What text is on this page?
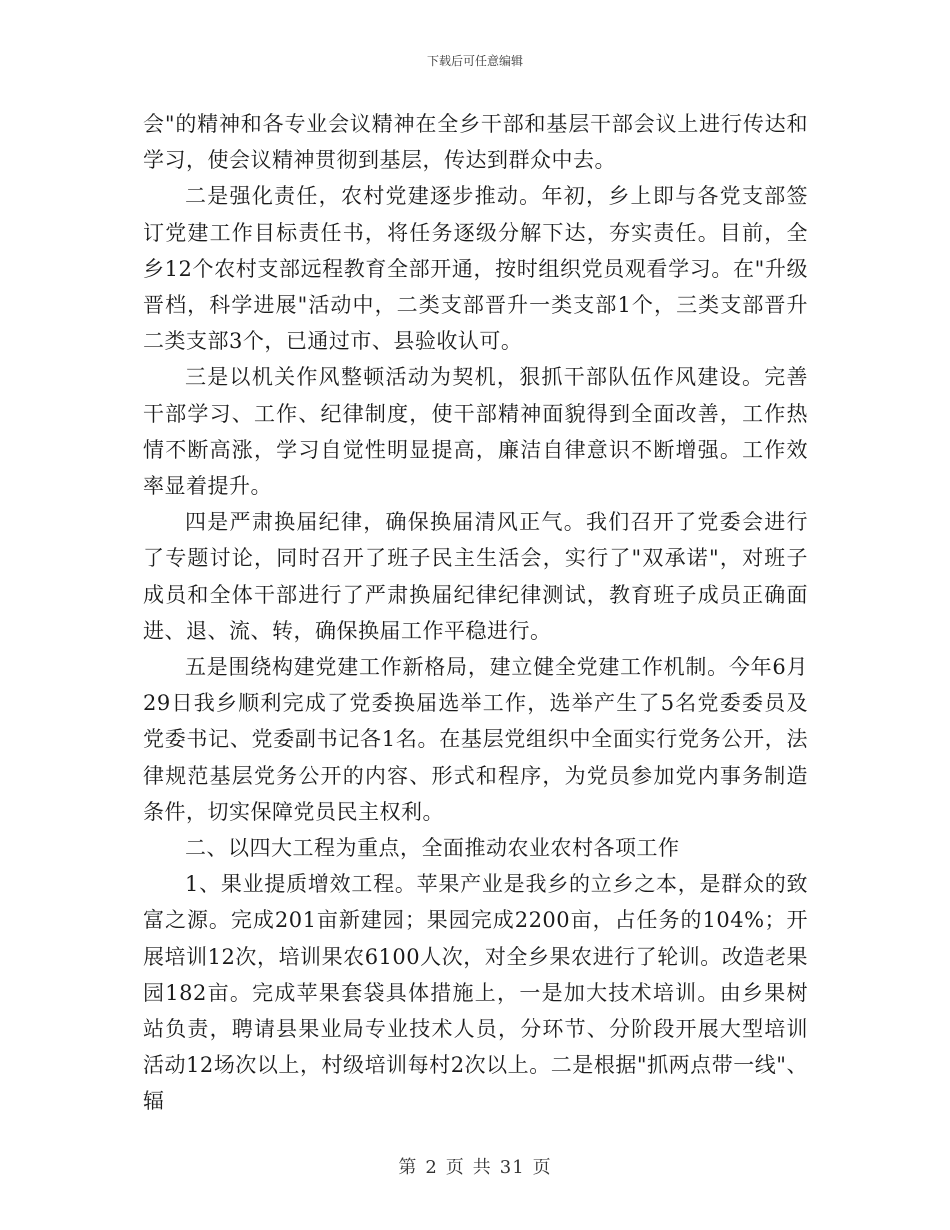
下载后可任意编辑

会"的精神和各专业会议精神在全乡干部和基层干部会议上进行传达和学习，使会议精神贯彻到基层，传达到群众中去。

二是强化责任，农村党建逐步推动。年初，乡上即与各党支部签订党建工作目标责任书，将任务逐级分解下达，夯实责任。目前，全乡12个农村支部远程教育全部开通，按时组织党员观看学习。在"升级晋档，科学进展"活动中，二类支部晋升一类支部1个，三类支部晋升二类支部3个，已通过市、县验收认可。

三是以机关作风整顿活动为契机，狠抓干部队伍作风建设。完善干部学习、工作、纪律制度，使干部精神面貌得到全面改善，工作热情不断高涨，学习自觉性明显提高，廉洁自律意识不断增强。工作效率显着提升。

四是严肃换届纪律，确保换届清风正气。我们召开了党委会进行了专题讨论，同时召开了班子民主生活会，实行了"双承诺"，对班子成员和全体干部进行了严肃换届纪律纪律测试，教育班子成员正确面进、退、流、转，确保换届工作平稳进行。

五是围绕构建党建工作新格局，建立健全党建工作机制。今年6月29日我乡顺利完成了党委换届选举工作，选举产生了5名党委委员及党委书记、党委副书记各1名。在基层党组织中全面实行党务公开，法律规范基层党务公开的内容、形式和程序，为党员参加党内事务制造条件，切实保障党员民主权利。

二、以四大工程为重点，全面推动农业农村各项工作

1、果业提质增效工程。苹果产业是我乡的立乡之本，是群众的致富之源。完成201亩新建园；果园完成2200亩，占任务的104%；开展培训12次，培训果农6100人次，对全乡果农进行了轮训。改造老果园182亩。完成苹果套袋具体措施上，一是加大技术培训。由乡果树站负责，聘请县果业局专业技术人员，分环节、分阶段开展大型培训活动12场次以上，村级培训每村2次以上。二是根据"抓两点带一线"、辐

第 2 页 共 31 页
